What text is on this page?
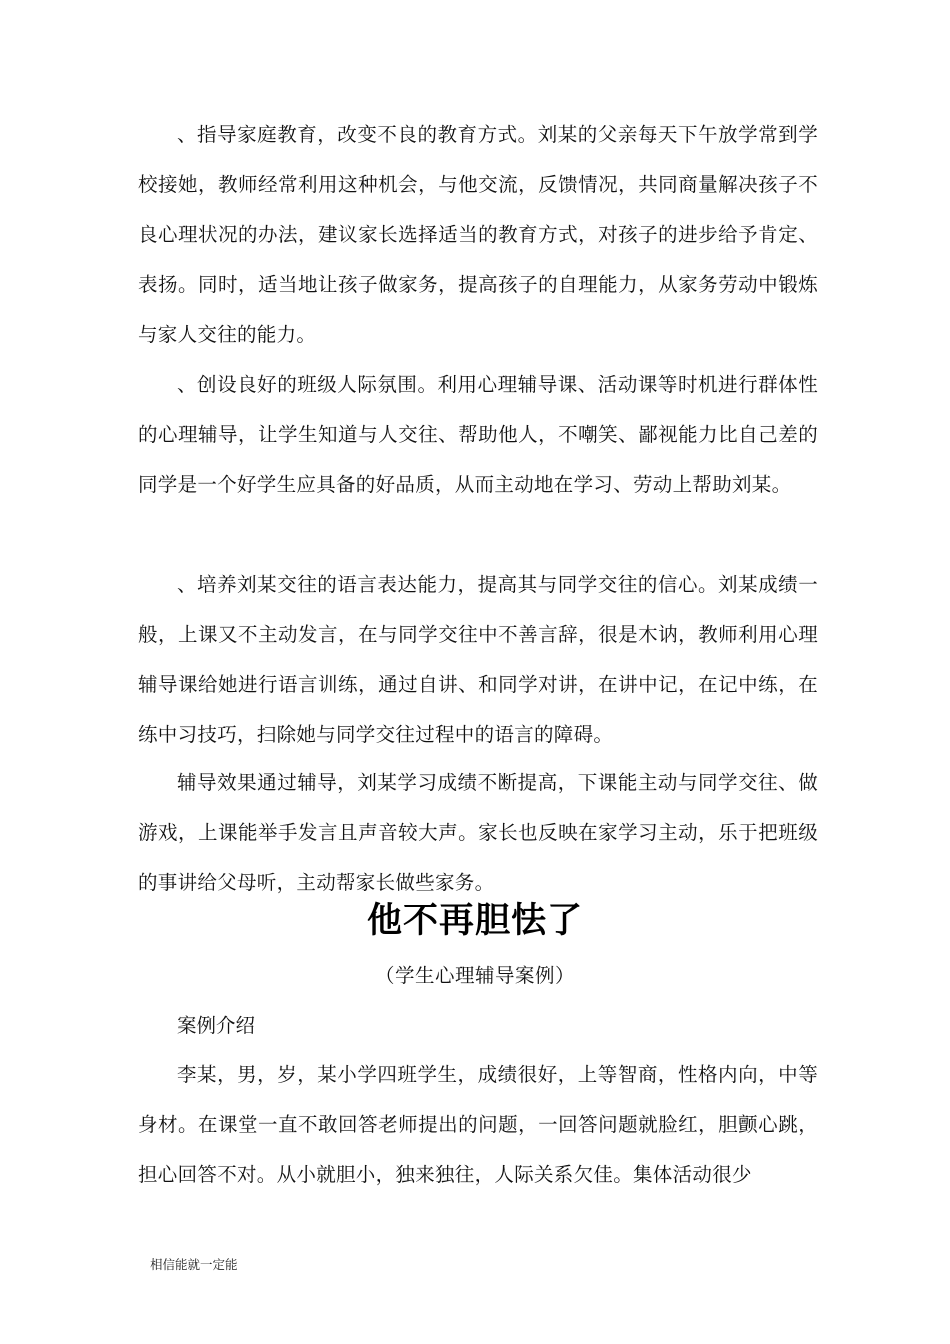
、指导家庭教育，改变不良的教育方式。刘某的父亲每天下午放学常到学校接她，教师经常利用这种机会，与他交流，反馈情况，共同商量解决孩子不良心理状况的办法，建议家长选择适当的教育方式，对孩子的进步给予肯定、表扬。同时，适当地让孩子做家务，提高孩子的自理能力，从家务劳动中锻炼与家人交往的能力。

、创设良好的班级人际氛围。利用心理辅导课、活动课等时机进行群体性的心理辅导，让学生知道与人交往、帮助他人，不嘲笑、鄙视能力比自己差的同学是一个好学生应具备的好品质，从而主动地在学习、劳动上帮助刘某。

、培养刘某交往的语言表达能力，提高其与同学交往的信心。刘某成绩一般，上课又不主动发言，在与同学交往中不善言辞，很是木讷，教师利用心理辅导课给她进行语言训练，通过自讲、和同学对讲，在讲中记，在记中练，在练中习技巧，扫除她与同学交往过程中的语言的障碍。

辅导效果通过辅导，刘某学习成绩不断提高，下课能主动与同学交往、做游戏，上课能举手发言且声音较大声。家长也反映在家学习主动，乐于把班级的事讲给父母听，主动帮家长做些家务。

他不再胆怯了

（学生心理辅导案例）

案例介绍

李某，男，岁，某小学四班学生，成绩很好，上等智商，性格内向，中等身材。在课堂一直不敢回答老师提出的问题，一回答问题就脸红，胆颤心跳，担心回答不对。从小就胆小，独来独往，人际关系欠佳。集体活动很少

相信能就一定能
